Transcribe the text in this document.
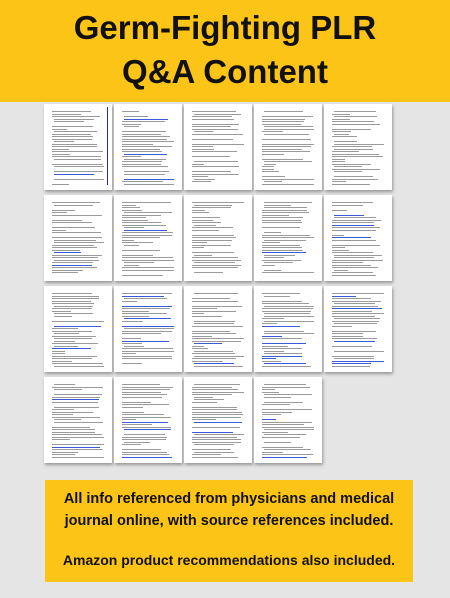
Germ-Fighting PLR
Q&A Content
All info referenced from physicians and medical
journal online, with source references included.
Amazon product recommendations also included.
